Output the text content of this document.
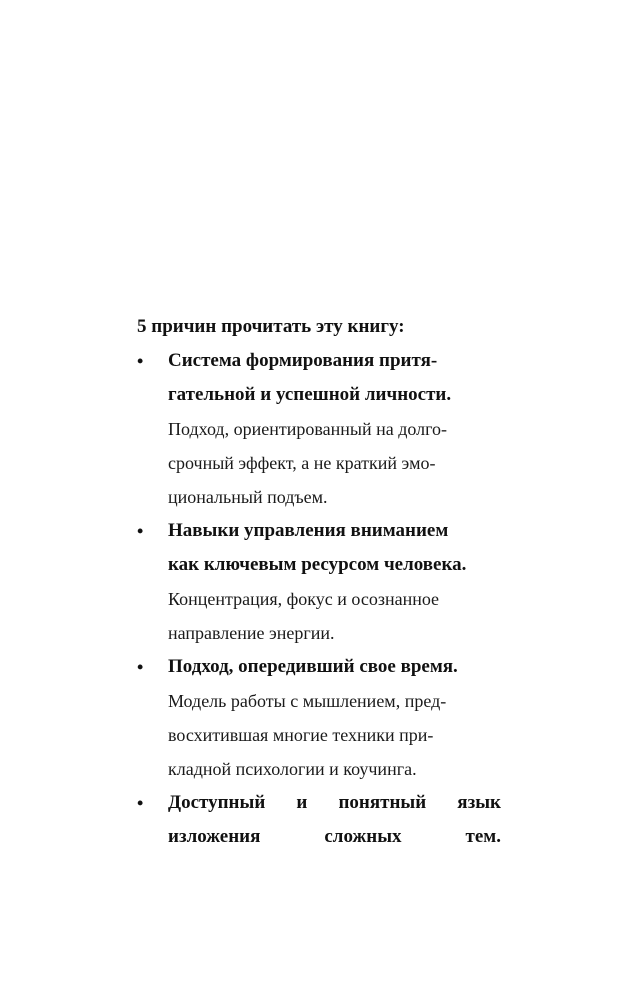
5 причин прочитать эту книгу:

• Система формирования притя-
гательной и успешной личности.
Подход, ориентированный на долго-
срочный эффект, а не краткий эмо-
циональный подъем.
• Навыки управления вниманием
как ключевым ресурсом человека.
Концентрация, фокус и осознанное
направление энергии.
• Подход, опередивший свое время.
Модель работы с мышлением, пред-
восхитившая многие техники при-
кладной психологии и коучинга.
• Доступный и понятный язык
изложения сложных тем.
